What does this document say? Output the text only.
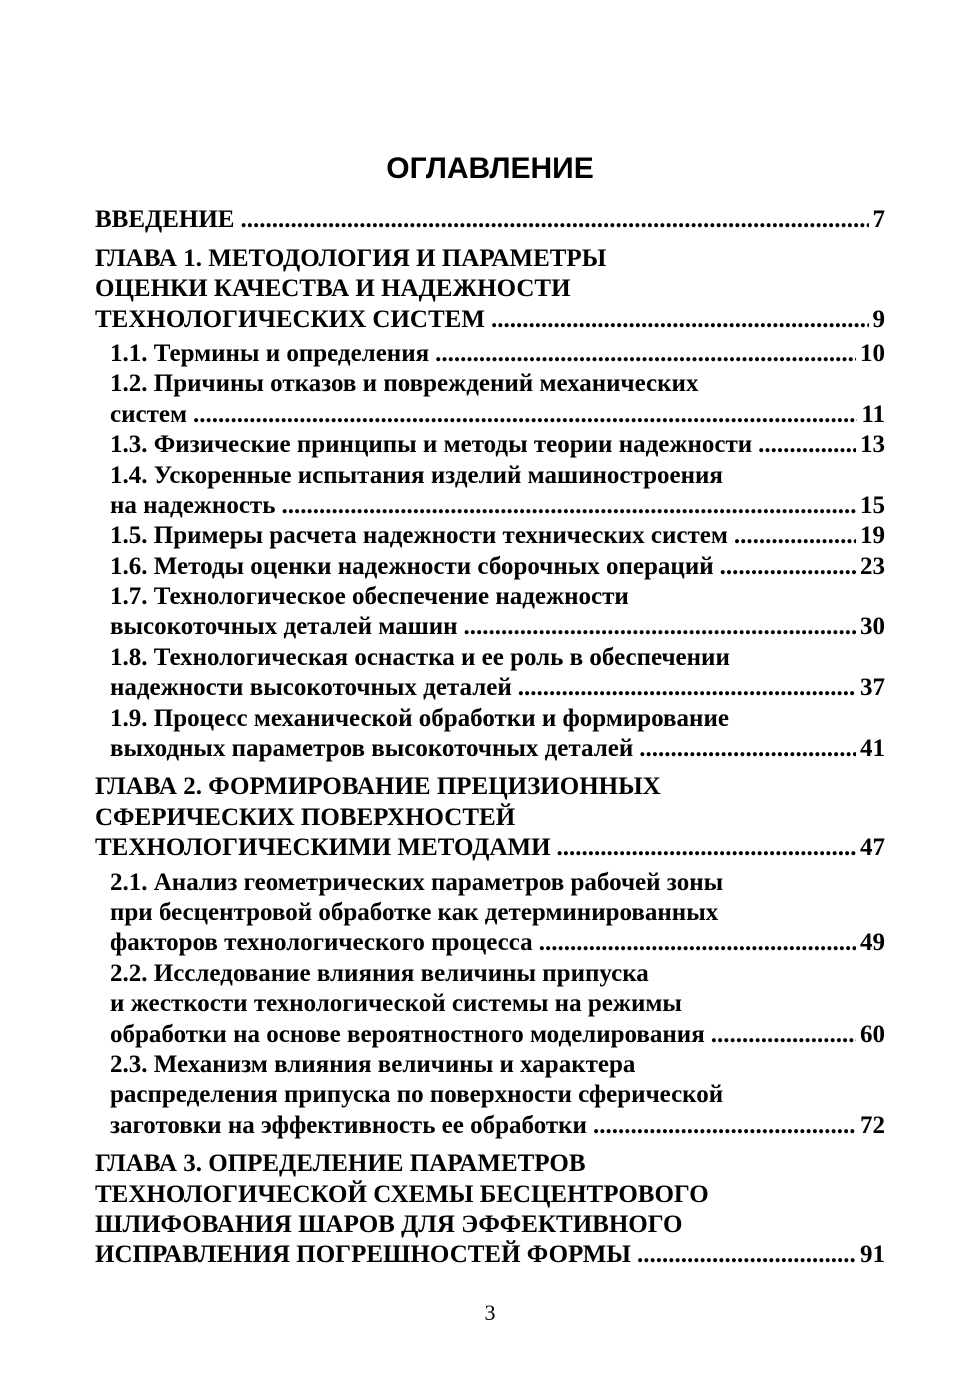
ОГЛАВЛЕНИЕ
ВВЕДЕНИЕ .....	7
ГЛАВА 1. МЕТОДОЛОГИЯ И ПАРАМЕТРЫ
ОЦЕНКИ КАЧЕСТВА И НАДЕЖНОСТИ
ТЕХНОЛОГИЧЕСКИХ СИСТЕМ .....	9
1.1. Термины и определения .....	10
1.2. Причины отказов и повреждений механических
систем .....	11
1.3. Физические принципы и методы теории надежности .....	13
1.4. Ускоренные испытания изделий машиностроения
на надежность .....	15
1.5. Примеры расчета надежности технических систем .....	19
1.6. Методы оценки надежности сборочных операций .....	23
1.7. Технологическое обеспечение надежности
высокоточных деталей машин .....	30
1.8. Технологическая оснастка и ее роль в обеспечении
надежности высокоточных деталей .....	37
1.9. Процесс механической обработки и формирование
выходных параметров высокоточных деталей .....	41
ГЛАВА 2. ФОРМИРОВАНИЕ ПРЕЦИЗИОННЫХ
СФЕРИЧЕСКИХ ПОВЕРХНОСТЕЙ
ТЕХНОЛОГИЧЕСКИМИ МЕТОДАМИ .....	47
2.1. Анализ геометрических параметров рабочей зоны
при бесцентровой обработке как детерминированных
факторов технологического процесса .....	49
2.2. Исследование влияния величины припуска
и жесткости технологической системы на режимы
обработки на основе вероятностного моделирования .....	60
2.3. Механизм влияния величины и характера
распределения припуска по поверхности сферической
заготовки на эффективность ее обработки .....	72
ГЛАВА 3. ОПРЕДЕЛЕНИЕ ПАРАМЕТРОВ
ТЕХНОЛОГИЧЕСКОЙ СХЕМЫ БЕСЦЕНТРОВОГО
ШЛИФОВАНИЯ ШАРОВ ДЛЯ ЭФФЕКТИВНОГО
ИСПРАВЛЕНИЯ ПОГРЕШНОСТЕЙ ФОРМЫ .....	91
3
